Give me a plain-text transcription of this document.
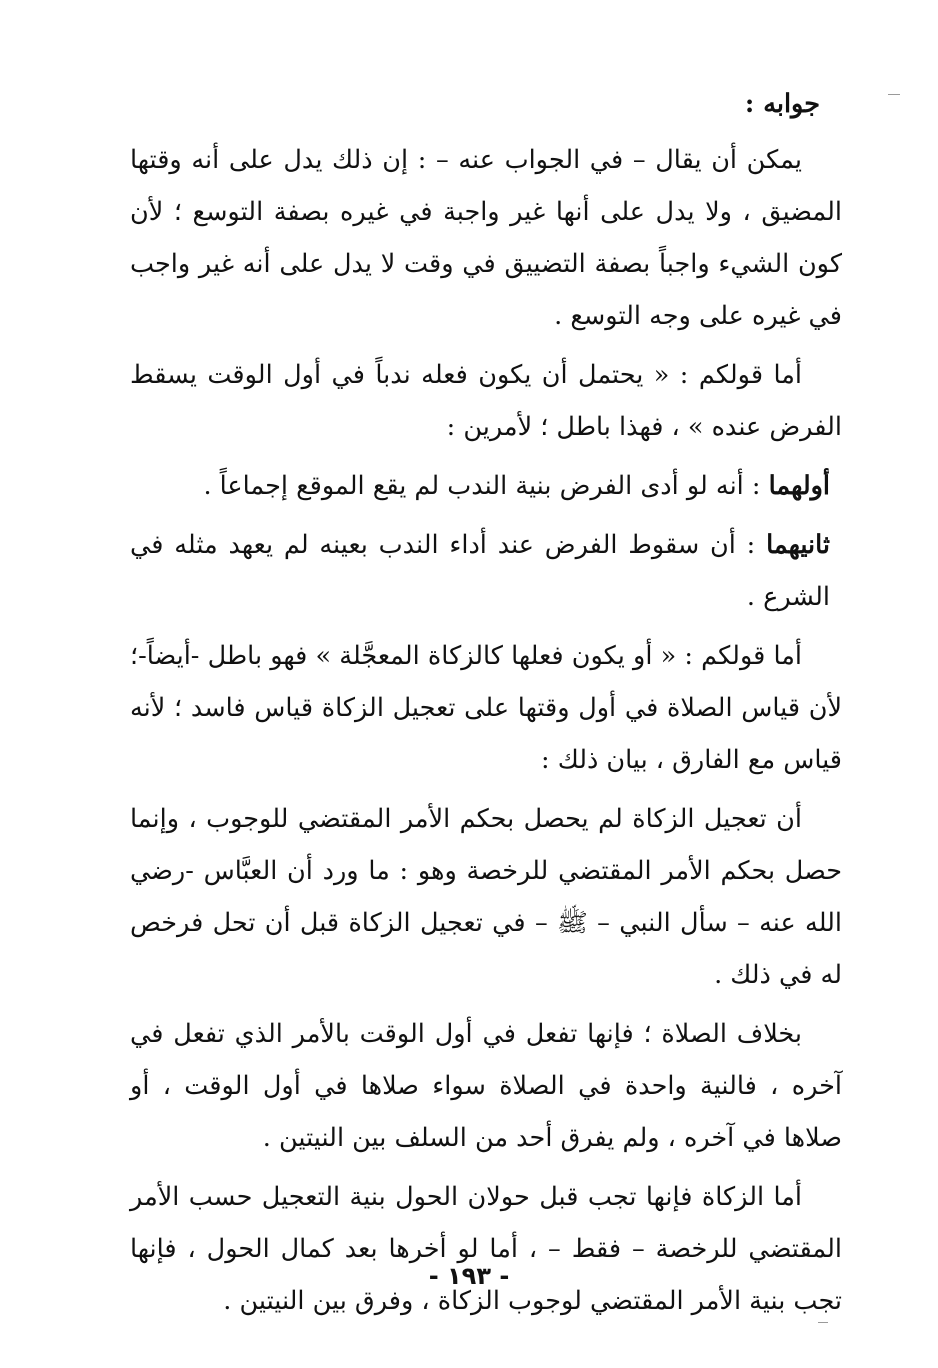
جوابه :

يمكن أن يقال – في الجواب عنه – : إن ذلك يدل على أنه وقتها المضيق ، ولا يدل على أنها غير واجبة في غيره بصفة التوسع ؛ لأن كون الشيء واجباً بصفة التضييق في وقت لا يدل على أنه غير واجب في غيره على وجه التوسع .

أما قولكم : « يحتمل أن يكون فعله ندباً في أول الوقت يسقط الفرض عنده » ، فهذا باطل ؛ لأمرين :

أولهما : أنه لو أدى الفرض بنية الندب لم يقع الموقع إجماعاً .

ثانيهما : أن سقوط الفرض عند أداء الندب بعينه لم يعهد مثله في الشرع .

أما قولكم : « أو يكون فعلها كالزكاة المعجَّلة » فهو باطل -أيضاً-؛ لأن قياس الصلاة في أول وقتها على تعجيل الزكاة قياس فاسد ؛ لأنه قياس مع الفارق ، بيان ذلك :

أن تعجيل الزكاة لم يحصل بحكم الأمر المقتضي للوجوب ، وإنما حصل بحكم الأمر المقتضي للرخصة وهو : ما ورد أن العبَّاس -رضي الله عنه – سأل النبي – ﷺ – في تعجيل الزكاة قبل أن تحل فرخص له في ذلك .

بخلاف الصلاة ؛ فإنها تفعل في أول الوقت بالأمر الذي تفعل في آخره ، فالنية واحدة في الصلاة سواء صلاها في أول الوقت ، أو صلاها في آخره ، ولم يفرق أحد من السلف بين النيتين .

أما الزكاة فإنها تجب قبل حولان الحول بنية التعجيل حسب الأمر المقتضي للرخصة – فقط – ، أما لو أخرها بعد كمال الحول ، فإنها تجب بنية الأمر المقتضي لوجوب الزكاة ، وفرق بين النيتين .

- ١٩٣ -
